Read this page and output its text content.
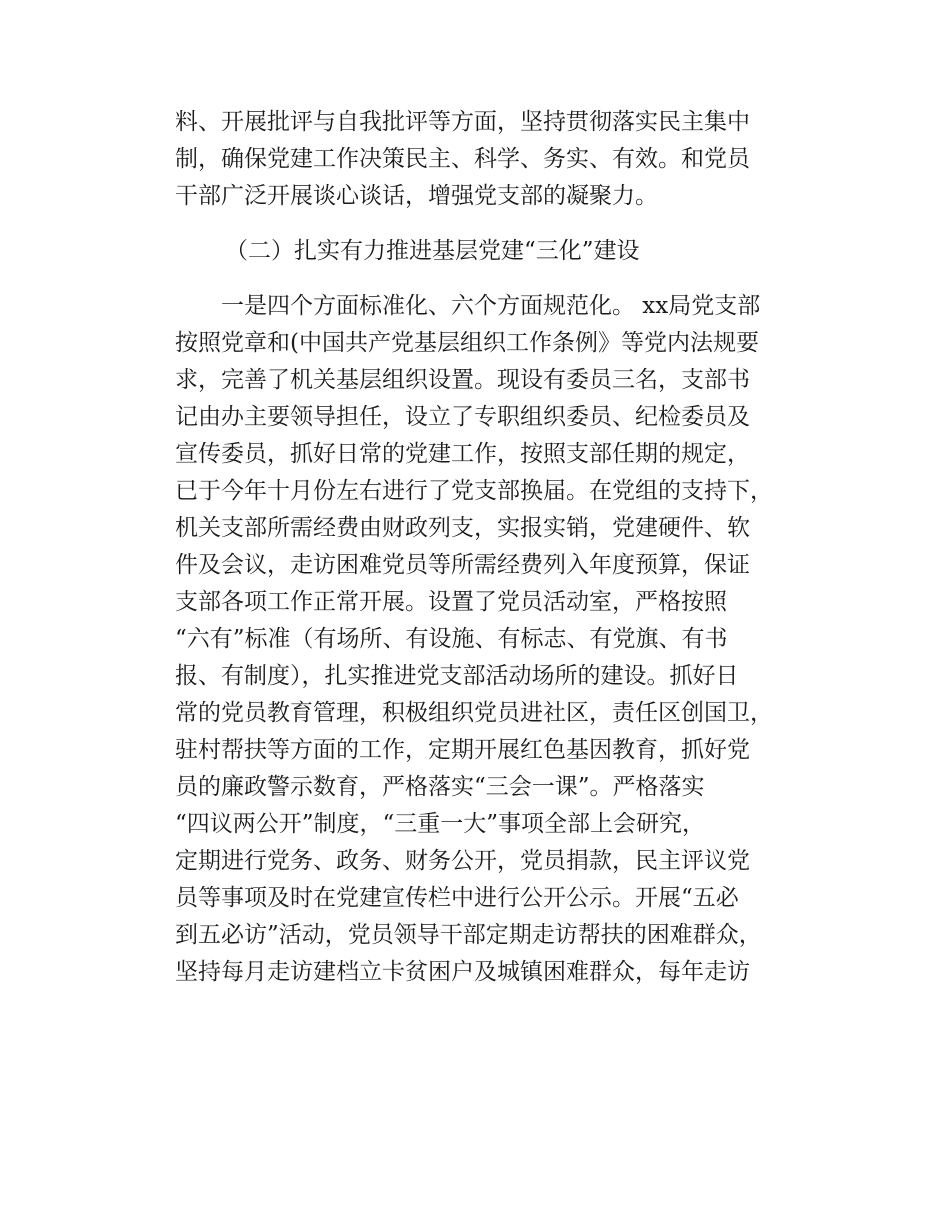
料、开展批评与自我批评等方面，坚持贯彻落实民主集中
制，确保党建工作决策民主、科学、务实、有效。和党员
干部广泛开展谈心谈话，增强党支部的凝聚力。
（二）扎实有力推进基层党建“三化”建设
一是四个方面标准化、六个方面规范化。 xx局党支部
按照党章和(中国共产党基层组织工作条例》等党内法规要
求，完善了机关基层组织设置。现设有委员三名，支部书
记由办主要领导担任，设立了专职组织委员、纪检委员及
宣传委员，抓好日常的党建工作，按照支部任期的规定，
已于今年十月份左右进行了党支部换届。在党组的支持下，
机关支部所需经费由财政列支，实报实销，党建硬件、软
件及会议，走访困难党员等所需经费列入年度预算，保证
支部各项工作正常开展。设置了党员活动室，严格按照
“六有”标准（有场所、有设施、有标志、有党旗、有书
报、有制度），扎实推进党支部活动场所的建设。抓好日
常的党员教育管理，积极组织党员进社区，责任区创国卫，
驻村帮扶等方面的工作，定期开展红色基因教育，抓好党
员的廉政警示数育，严格落实“三会一课”。严格落实
“四议两公开”制度，“三重一大”事项全部上会研究，
定期进行党务、政务、财务公开，党员捐款，民主评议党
员等事项及时在党建宣传栏中进行公开公示。开展“五必
到五必访”活动，党员领导干部定期走访帮扶的困难群众，
坚持每月走访建档立卡贫困户及城镇困难群众，每年走访
